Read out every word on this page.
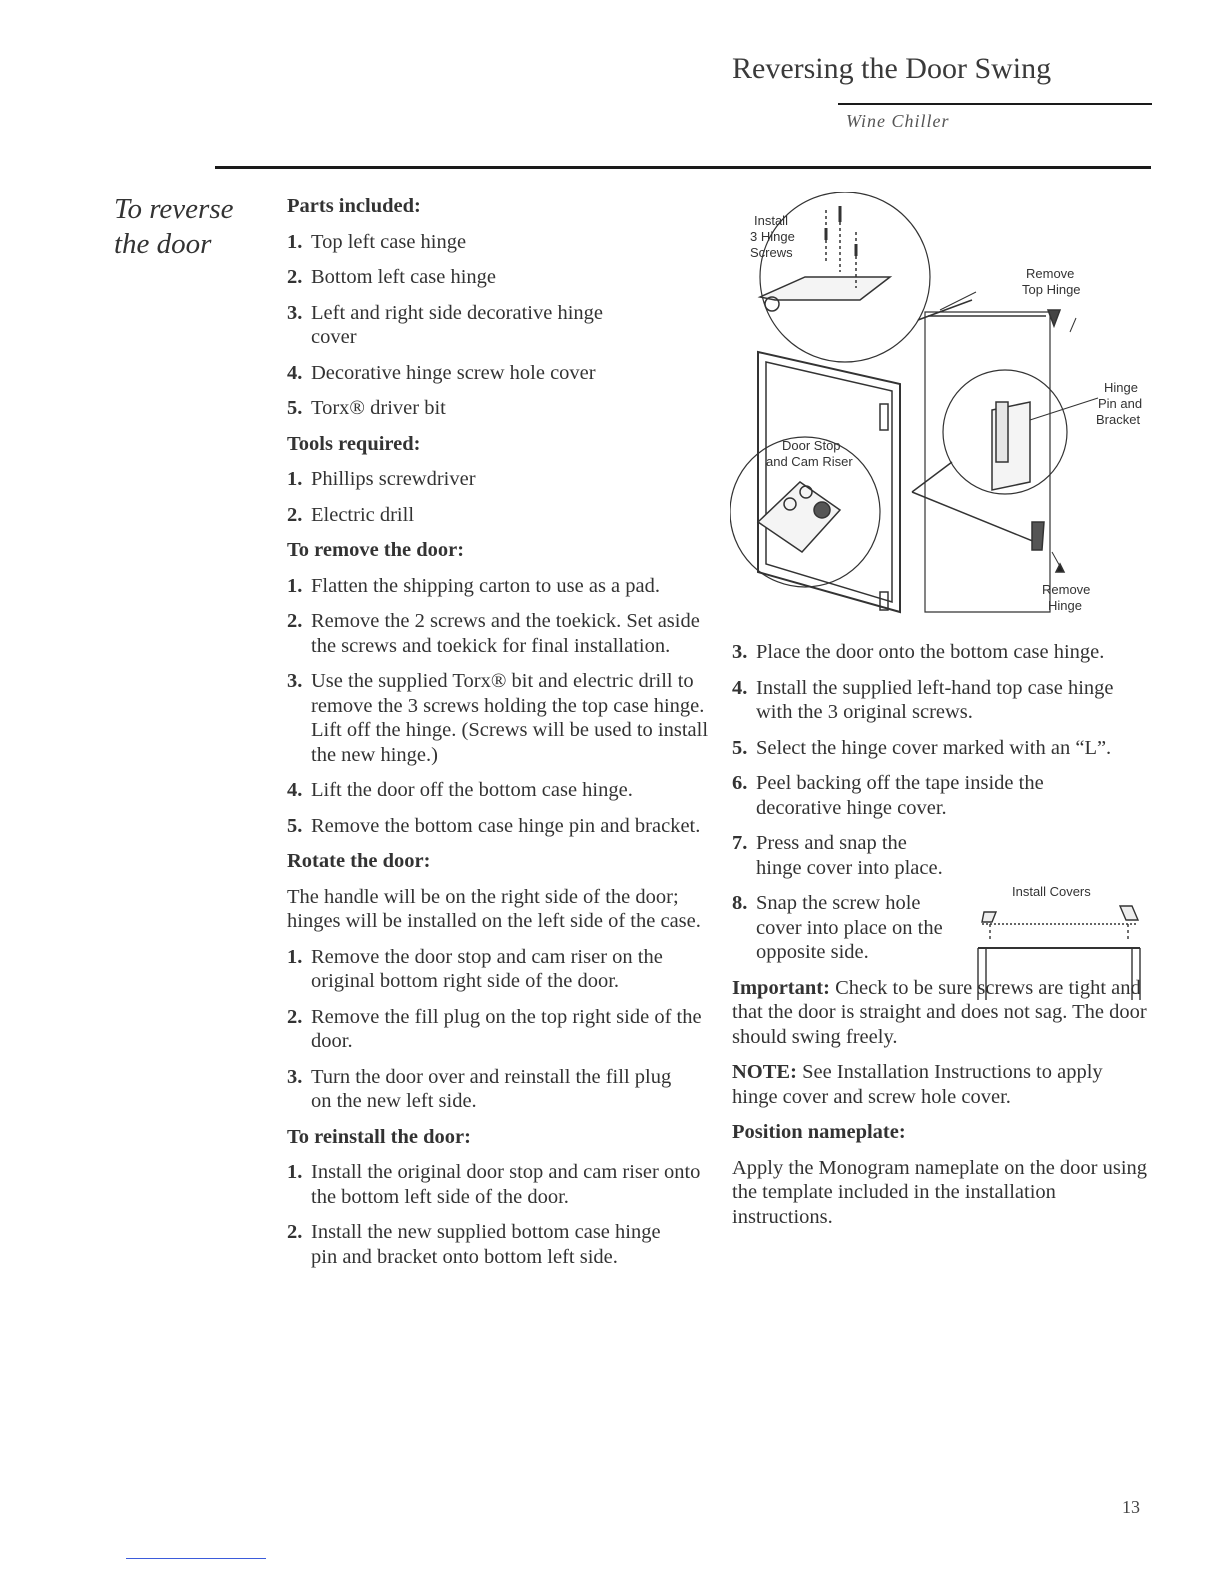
Reversing the Door Swing
Wine Chiller
To reverse
the door
Parts included:
1. Top left case hinge
2. Bottom left case hinge
3. Left and right side decorative hinge cover
4. Decorative hinge screw hole cover
5. Torx® driver bit
Tools required:
1. Phillips screwdriver
2. Electric drill
To remove the door:
1. Flatten the shipping carton to use as a pad.
2. Remove the 2 screws and the toekick. Set aside the screws and toekick for final installation.
3. Use the supplied Torx® bit and electric drill to remove the 3 screws holding the top case hinge. Lift off the hinge. (Screws will be used to install the new hinge.)
4. Lift the door off the bottom case hinge.
5. Remove the bottom case hinge pin and bracket.
Rotate the door:
The handle will be on the right side of the door; hinges will be installed on the left side of the case.
1. Remove the door stop and cam riser on the original bottom right side of the door.
2. Remove the fill plug on the top right side of the door.
3. Turn the door over and reinstall the fill plug on the new left side.
To reinstall the door:
1. Install the original door stop and cam riser onto the bottom left side of the door.
2. Install the new supplied bottom case hinge pin and bracket onto bottom left side.
Install
3 Hinge
Screws
Remove
Top Hinge
Hinge
Pin and
Bracket
Door Stop
and Cam Riser
Remove
Hinge
3. Place the door onto the bottom case hinge.
4. Install the supplied left-hand top case hinge with the 3 original screws.
5. Select the hinge cover marked with an “L”.
6. Peel backing off the tape inside the decorative hinge cover.
7. Press and snap the hinge cover into place.
8. Snap the screw hole cover into place on the opposite side.
Important: Check to be sure screws are tight and that the door is straight and does not sag. The door should swing freely.
NOTE: See Installation Instructions to apply hinge cover and screw hole cover.
Position nameplate:
Apply the Monogram nameplate on the door using the template included in the installation instructions.
Install Covers
13
